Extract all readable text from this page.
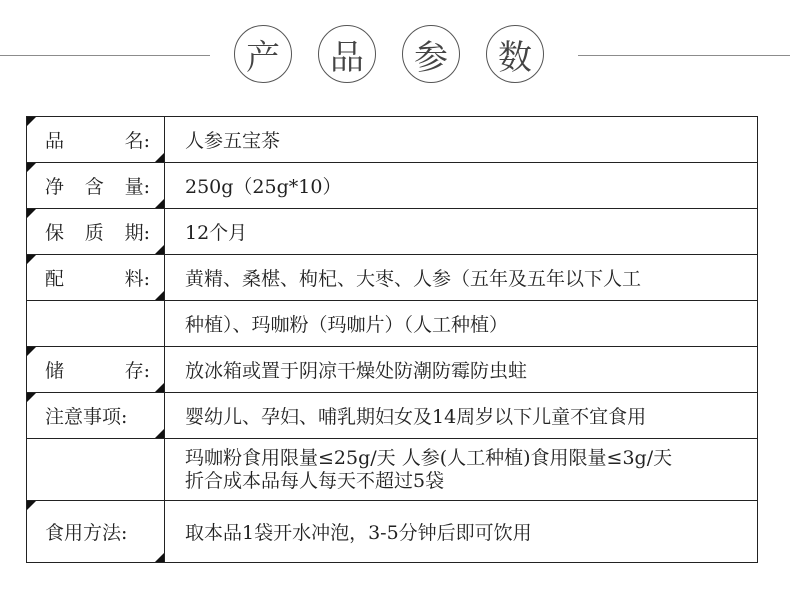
产	品	参	数
品 名:	人参五宝茶

净 含 量:	250g（25g*10）

保 质 期:	12个月

配 料:	黄精、桑椹、枸杞、大枣、人参（五年及五年以下人工
	种植）、玛咖粉（玛咖片）（人工种植）

储 存:	放冰箱或置于阴凉干燥处防潮防霉防虫蛀

注意事项:	婴幼儿、孕妇、哺乳期妇女及14周岁以下儿童不宜食用

	玛咖粉食用限量≤25g/天 人参(人工种植)食用限量≤3g/天
折合成本品每人每天不超过5袋

食用方法:	取本品1袋开水冲泡，3-5分钟后即可饮用
